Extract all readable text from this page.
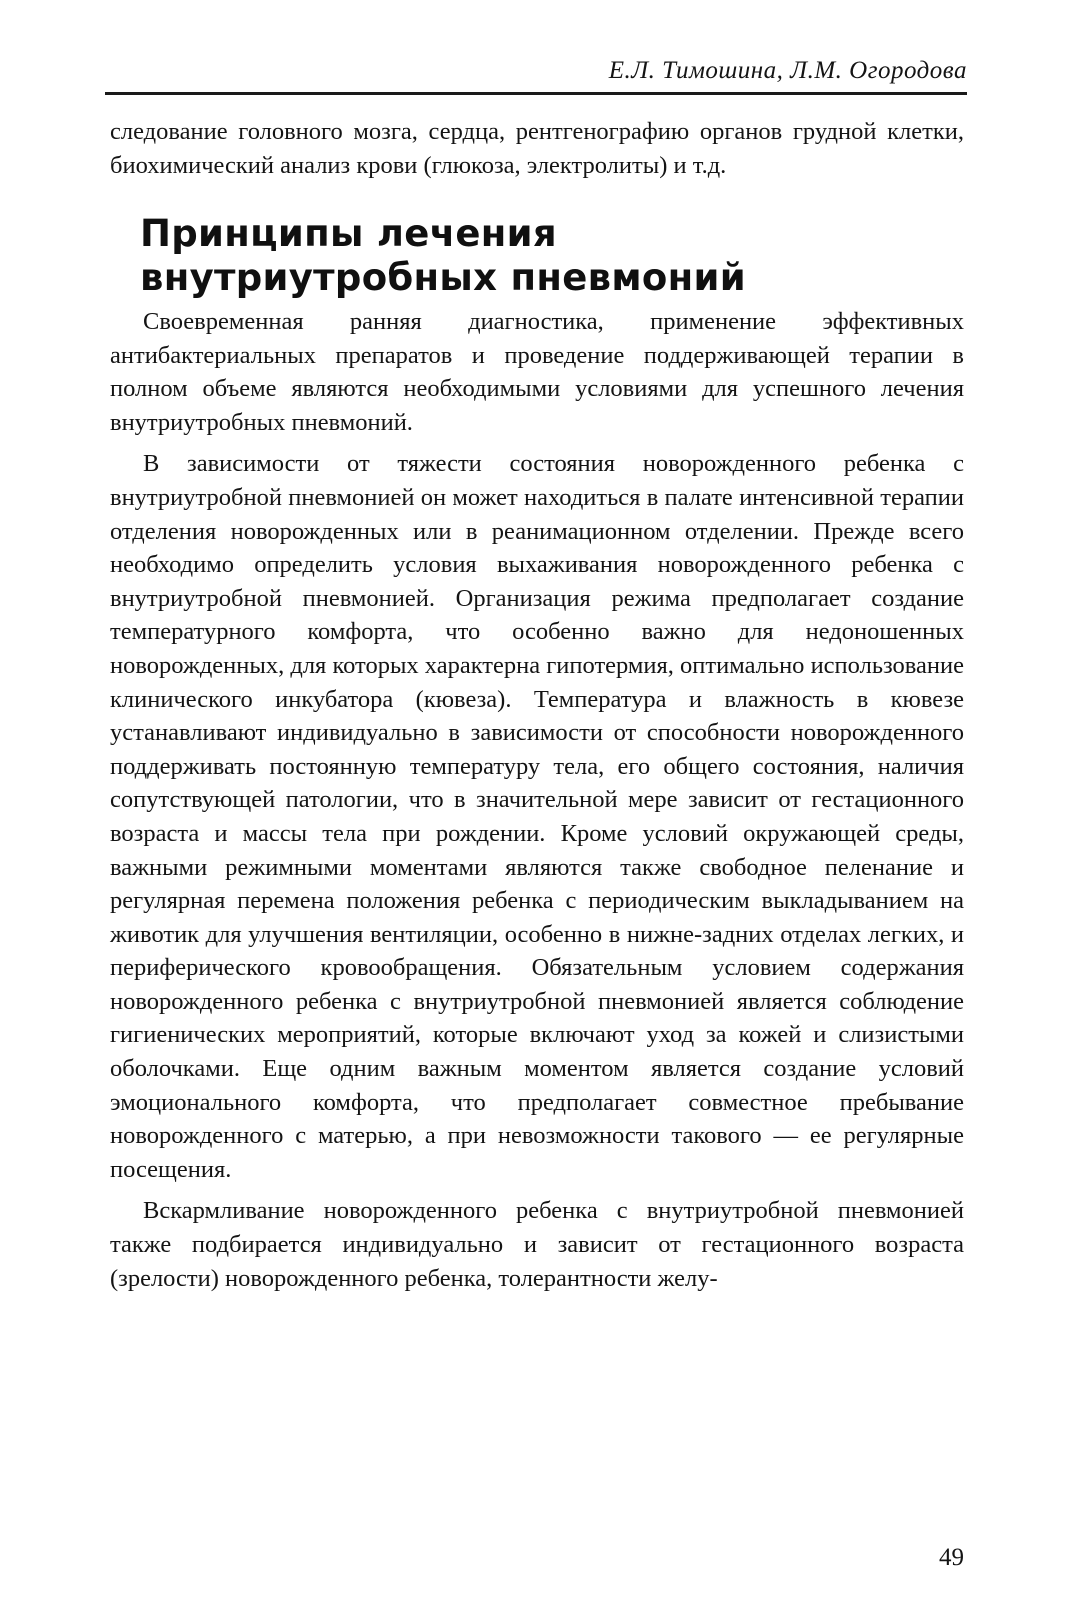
Е.Л. Тимошина, Л.М. Огородова

следование головного мозга, сердца, рентгенографию органов грудной клетки, биохимический анализ крови (глюкоза, электролиты) и т.д.

Принципы лечения
внутриутробных пневмоний

Своевременная ранняя диагностика, применение эффективных антибактериальных препаратов и проведение поддерживающей терапии в полном объеме являются необходимыми условиями для успешного лечения внутриутробных пневмоний.

В зависимости от тяжести состояния новорожденного ребенка с внутриутробной пневмонией он может находиться в палате интенсивной терапии отделения новорожденных или в реанимационном отделении. Прежде всего необходимо определить условия выхаживания новорожденного ребенка с внутриутробной пневмонией. Организация режима предполагает создание температурного комфорта, что особенно важно для недоношенных новорожденных, для которых характерна гипотермия, оптимально использование клинического инкубатора (кювеза). Температура и влажность в кювезе устанавливают индивидуально в зависимости от способности новорожденного поддерживать постоянную температуру тела, его общего состояния, наличия сопутствующей патологии, что в значительной мере зависит от гестационного возраста и массы тела при рождении. Кроме условий окружающей среды, важными режимными моментами являются также свободное пеленание и регулярная перемена положения ребенка с периодическим выкладыванием на животик для улучшения вентиляции, особенно в нижне-задних отделах легких, и периферического кровообращения. Обязательным условием содержания новорожденного ребенка с внутриутробной пневмонией является соблюдение гигиенических мероприятий, которые включают уход за кожей и слизистыми оболочками. Еще одним важным моментом является создание условий эмоционального комфорта, что предполагает совместное пребывание новорожденного с матерью, а при невозможности такового — ее регулярные посещения.

Вскармливание новорожденного ребенка с внутриутробной пневмонией также подбирается индивидуально и зависит от гестационного возраста (зрелости) новорожденного ребенка, толерантности желу-

49
